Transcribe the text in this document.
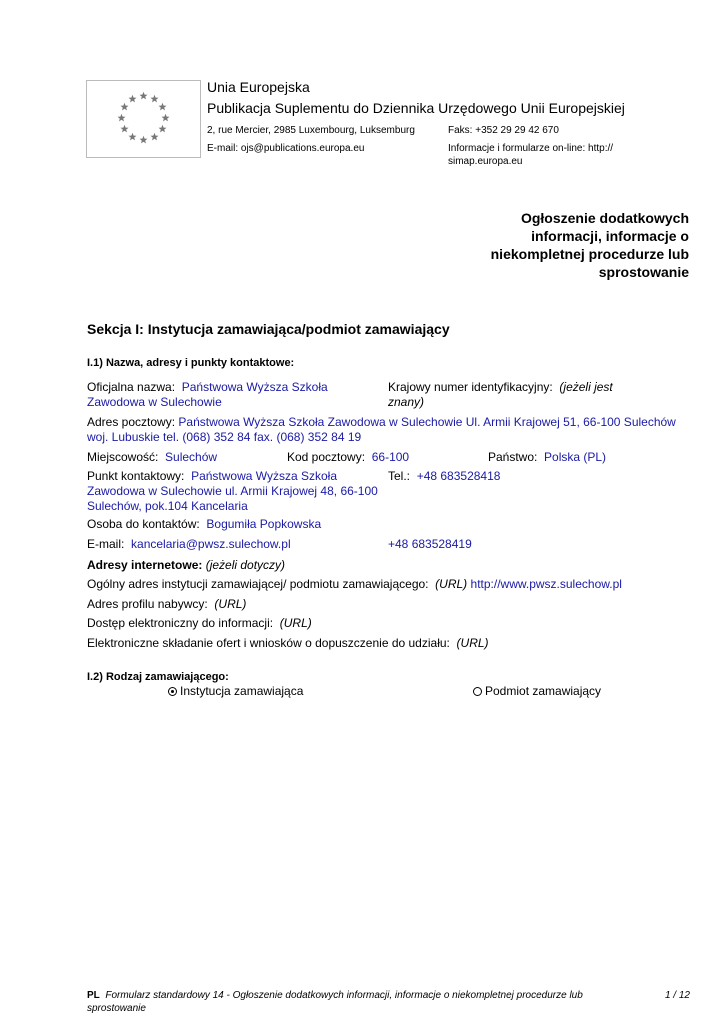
Unia Europejska
Publikacja Suplementu do Dziennika Urzędowego Unii Europejskiej
2, rue Mercier, 2985 Luxembourg, Luksemburg	Faks: +352 29 29 42 670
E-mail: ojs@publications.europa.eu	Informacje i formularze on-line: http://
simap.europa.eu
Ogłoszenie dodatkowych
informacji, informacje o
niekompletnej procedurze lub
sprostowanie
Sekcja I: Instytucja zamawiająca/podmiot zamawiający
I.1) Nazwa, adresy i punkty kontaktowe:
Oficjalna nazwa: Państwowa Wyższa Szkoła
Zawodowa w Sulechowie
Krajowy numer identyfikacyjny: (jeżeli jest
znany)
Adres pocztowy: Państwowa Wyższa Szkoła Zawodowa w Sulechowie Ul. Armii Krajowej 51, 66-100 Sulechów
woj. Lubuskie tel. (068) 352 84 fax. (068) 352 84 19
Miejscowość: Sulechów	Kod pocztowy: 66-100	Państwo: Polska (PL)
Punkt kontaktowy: Państwowa Wyższa Szkoła
Zawodowa w Sulechowie ul. Armii Krajowej 48, 66-100
Sulechów, pok.104 Kancelaria
Tel.: +48 683528418
Osoba do kontaktów: Bogumiła Popkowska
E-mail: kancelaria@pwsz.sulechow.pl	+48 683528419
Adresy internetowe: (jeżeli dotyczy)
Ogólny adres instytucji zamawiającej/ podmiotu zamawiającego: (URL) http://www.pwsz.sulechow.pl
Adres profilu nabywcy: (URL)
Dostęp elektroniczny do informacji: (URL)
Elektroniczne składanie ofert i wniosków o dopuszczenie do udziału: (URL)
I.2) Rodzaj zamawiającego:
Instytucja zamawiająca	Podmiot zamawiający
PL Formularz standardowy 14 - Ogłoszenie dodatkowych informacji, informacje o niekompletnej procedurze lub
sprostowanie
1 / 12
